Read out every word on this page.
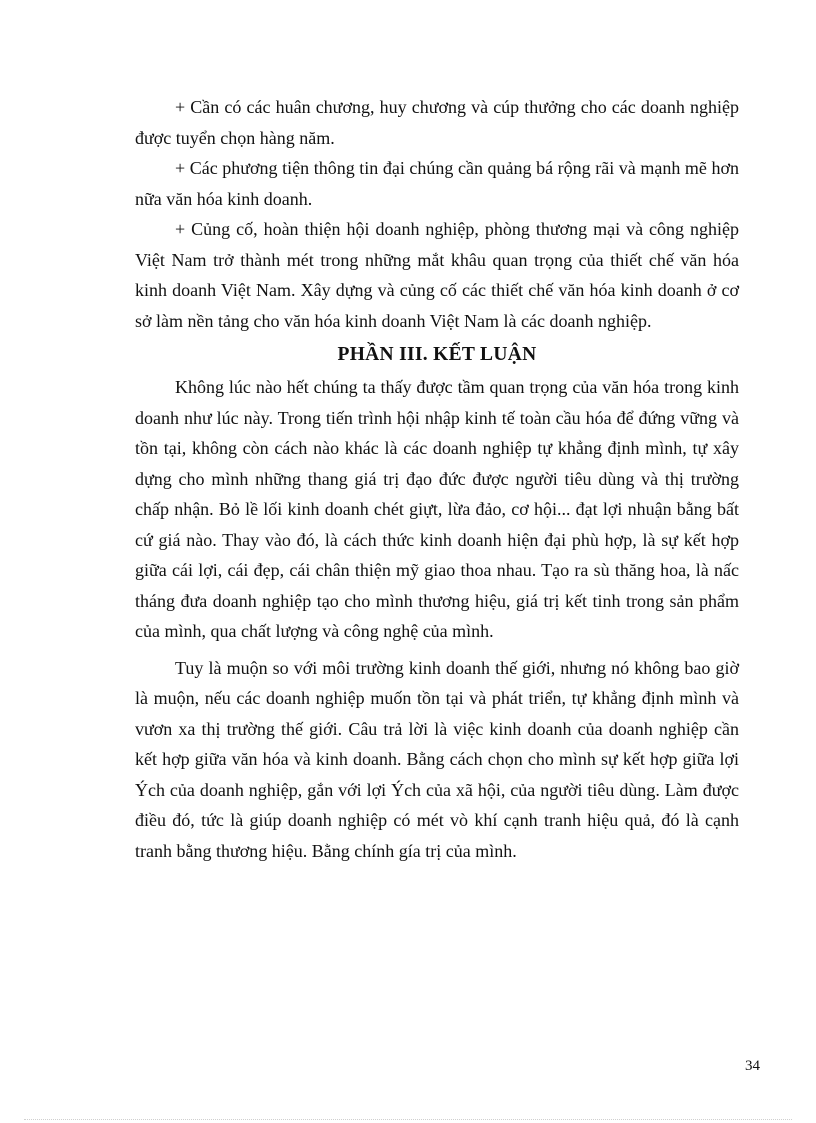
+ Cần có các huân chương, huy chương và cúp thưởng cho các doanh nghiệp được tuyển chọn hàng năm.

+ Các phương tiện thông tin đại chúng cần quảng bá rộng rãi và mạnh mẽ hơn nữa văn hóa kinh doanh.

+ Củng cố, hoàn thiện hội doanh nghiệp, phòng thương mại và công nghiệp Việt Nam trở thành mét trong những mắt khâu quan trọng của thiết chế văn hóa kinh doanh Việt Nam. Xây dựng và củng cố các thiết chế văn hóa kinh doanh ở cơ sở làm nền tảng cho văn hóa kinh doanh Việt Nam là các doanh nghiệp.

PHẦN III. KẾT LUẬN

Không lúc nào hết chúng ta thấy được tầm quan trọng của văn hóa trong kinh doanh như lúc này. Trong tiến trình hội nhập kinh tế toàn cầu hóa để đứng vững và tồn tại, không còn cách nào khác là các doanh nghiệp tự khẳng định mình, tự xây dựng cho mình những thang giá trị đạo đức được người tiêu dùng và thị trường chấp nhận. Bỏ lề lối kinh doanh chét giựt, lừa đảo, cơ hội... đạt lợi nhuận bằng bất cứ giá nào. Thay vào đó, là cách thức kinh doanh hiện đại phù hợp, là sự kết hợp giữa cái lợi, cái đẹp, cái chân thiện mỹ giao thoa nhau. Tạo ra sù thăng hoa, là nấc tháng đưa doanh nghiệp tạo cho mình thương hiệu, giá trị kết tinh trong sản phẩm của mình, qua chất lượng và công nghệ của mình.

Tuy là muộn so với môi trường kinh doanh thế giới, nhưng nó không bao giờ là muộn, nếu các doanh nghiệp muốn tồn tại và phát triển, tự khẳng định mình và vươn xa thị trường thế giới. Câu trả lời là việc kinh doanh của doanh nghiệp cần kết hợp giữa văn hóa và kinh doanh. Bằng cách chọn cho mình sự kết hợp giữa lợi Ých của doanh nghiệp, gắn với lợi Ých của xã hội, của người tiêu dùng. Làm được điều đó, tức là giúp doanh nghiệp có mét vò khí cạnh tranh hiệu quả, đó là cạnh tranh bằng thương hiệu. Bằng chính gía trị của mình.

34
